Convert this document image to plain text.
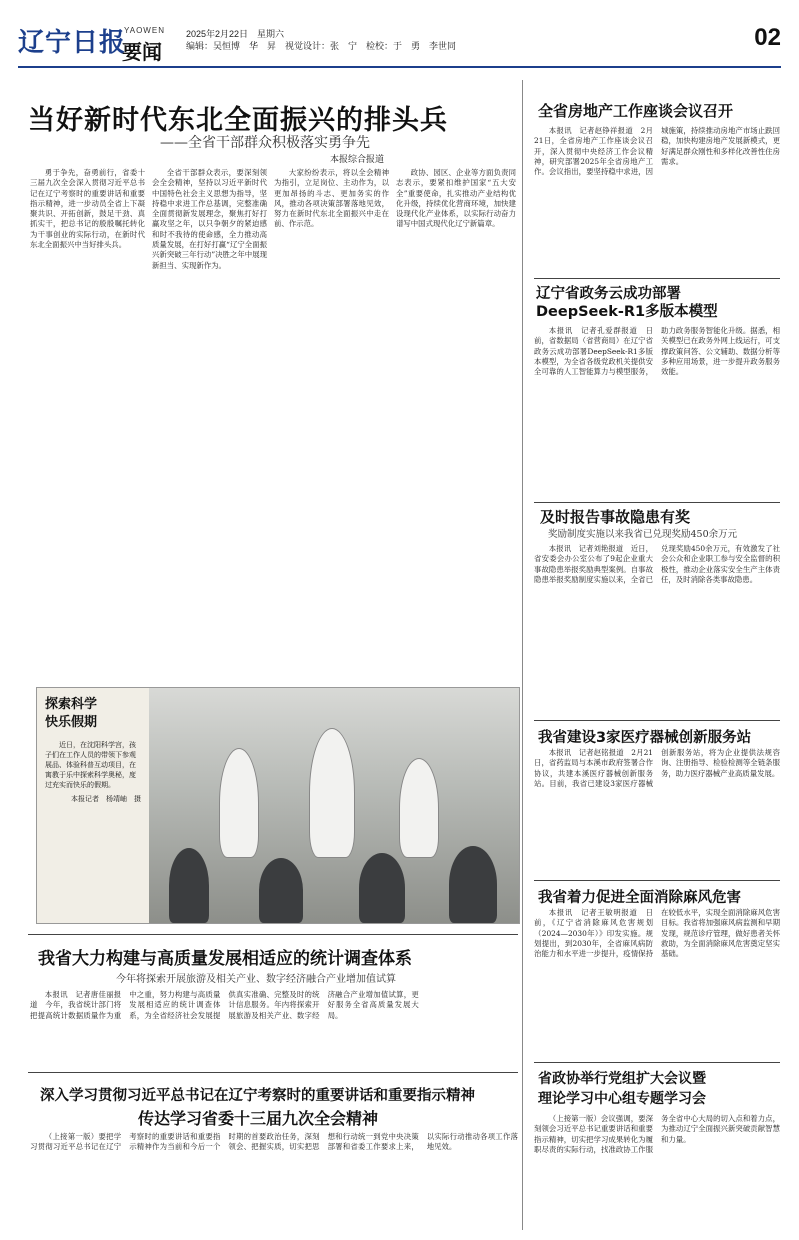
辽宁日报
YAOWEN
要闻
2025年2月22日　星期六
编辑：吴恒博　华　昇　视觉设计：张　宁　检校：于　勇　李世同	02
当好新时代东北全面振兴的排头兵
——全省干部群众积极落实勇争先
本报综合报道

勇于争先，奋勇前行，省委十三届九次全会深入贯彻习近平总书记在辽宁考察时的重要讲话和重要指示精神，进一步动员全省上下凝聚共识、开拓创新，鼓足干劲、真抓实干，把总书记的殷殷嘱托转化为干事创业的实际行动，在新时代东北全面振兴中当好排头兵。

全省干部群众表示，要深刻领会全会精神，坚持以习近平新时代中国特色社会主义思想为指导，坚持稳中求进工作总基调，完整准确全面贯彻新发展理念，聚焦打好打赢攻坚之年，以只争朝夕的紧迫感和时不我待的使命感，全力推动高质量发展，在打好打赢“辽宁全面振兴新突破三年行动”决胜之年中展现新担当、实现新作为。

大家纷纷表示，将以全会精神为指引，立足岗位、主动作为，以更加昂扬的斗志、更加务实的作风，推动各项决策部署落地见效，努力在新时代东北全面振兴中走在前、作示范。

政协、园区、企业等方面负责同志表示，要紧扣维护国家“五大安全”重要使命，扎实推动产业结构优化升级，持续优化营商环境，加快建设现代化产业体系，以实际行动奋力谱写中国式现代化辽宁新篇章。

探索科学
快乐假期
近日，在沈阳科学宫，孩子们在工作人员的带领下参观展品、体验科普互动项目，在寓教于乐中探索科学奥秘，度过充实而快乐的假期。
本报记者　杨靖岫　摄
我省大力构建与高质量发展相适应的统计调查体系
今年将探索开展旅游及相关产业、数字经济融合产业增加值试算

本报讯　记者唐佳丽报道　今年，我省统计部门将把提高统计数据质量作为重中之重，努力构建与高质量发展相适应的统计调查体系，为全省经济社会发展提供真实准确、完整及时的统计信息服务。年内将探索开展旅游及相关产业、数字经济融合产业增加值试算，更好服务全省高质量发展大局。

深入学习贯彻习近平总书记在辽宁考察时的重要讲话和重要指示精神
传达学习省委十三届九次全会精神

（上接第一版）要把学习贯彻习近平总书记在辽宁考察时的重要讲话和重要指示精神作为当前和今后一个时期的首要政治任务，深刻领会、把握实质，切实把思想和行动统一到党中央决策部署和省委工作要求上来，以实际行动推动各项工作落地见效。

全省房地产工作座谈会议召开

本报讯　记者赵铮祥报道　2月21日，全省房地产工作座谈会议召开，深入贯彻中央经济工作会议精神，研究部署2025年全省房地产工作。会议指出，要坚持稳中求进，因城施策，持续推动房地产市场止跌回稳，加快构建房地产发展新模式，更好满足群众刚性和多样化改善性住房需求。

辽宁省政务云成功部署
DeepSeek-R1多版本模型

本报讯　记者孔爱群报道　日前，省数据局（省营商局）在辽宁省政务云成功部署DeepSeek-R1多版本模型，为全省各级党政机关提供安全可靠的人工智能算力与模型服务，助力政务服务智能化升级。据悉，相关模型已在政务外网上线运行，可支撑政策问答、公文辅助、数据分析等多种应用场景，进一步提升政务服务效能。

及时报告事故隐患有奖
奖励制度实施以来我省已兑现奖励450余万元

本报讯　记者刘艳报道　近日，省安委会办公室公布了9起企业重大事故隐患举报奖励典型案例。自事故隐患举报奖励制度实施以来，全省已兑现奖励450余万元，有效激发了社会公众和企业职工参与安全监督的积极性，推动企业落实安全生产主体责任，及时消除各类事故隐患。

我省建设3家医疗器械创新服务站

本报讯　记者赵铭报道　2月21日，省药监局与本溪市政府签署合作协议，共建本溪医疗器械创新服务站。目前，我省已建设3家医疗器械创新服务站，将为企业提供法规咨询、注册指导、检验检测等全链条服务，助力医疗器械产业高质量发展。

我省着力促进全面消除麻风危害

本报讯　记者王敏明报道　日前，《辽宁省消除麻风危害规划（2024—2030年）》印发实施。规划提出，到2030年，全省麻风病防治能力和水平进一步提升，疫情保持在较低水平，实现全面消除麻风危害目标。我省将加强麻风病监测和早期发现，规范诊疗管理，做好患者关怀救助，为全面消除麻风危害奠定坚实基础。

省政协举行党组扩大会议暨
理论学习中心组专题学习会

（上接第一版）会议强调，要深刻领会习近平总书记重要讲话和重要指示精神，切实把学习成果转化为履职尽责的实际行动，找准政协工作服务全省中心大局的切入点和着力点，为推动辽宁全面振兴新突破贡献智慧和力量。
